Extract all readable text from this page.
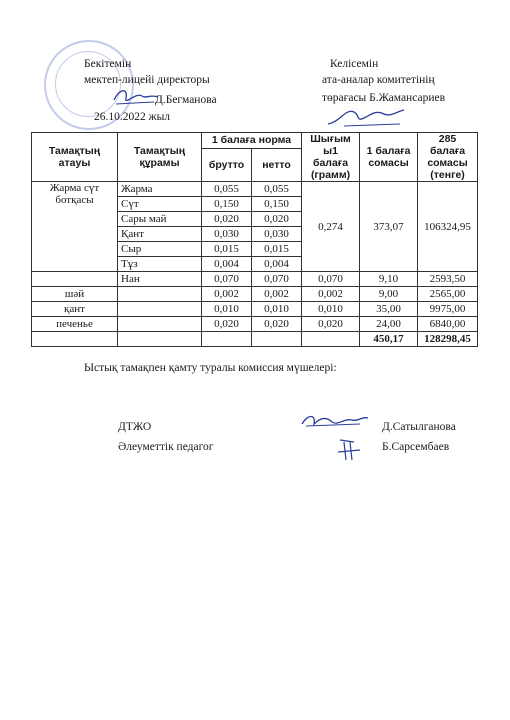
Бекітемін
мектеп-лицейі директоры
Д.Бегманова
26.10.2022 жыл
Келісемін
ата-аналар комитетінің
төрағасы Б.Жамансариев
Тамақтың атауы	Тамақтың құрамы	1 балаға норма		Шығым ы1 балаға (грамм)	1 балаға сомасы	285 балаға сомасы (тенге)
		брутто	нетто			
Жарма сүт ботқасы	Жарма	0,055	0,055	0,274	373,07	106324,95
	Сүт	0,150	0,150			
	Сары май	0,020	0,020			
	Қант	0,030	0,030			
	Сыр	0,015	0,015			
	Тұз	0,004	0,004			
	Нан	0,070	0,070	0,070	9,10	2593,50
шәй		0,002	0,002	0,002	9,00	2565,00
қант		0,010	0,010	0,010	35,00	9975,00
печенье		0,020	0,020	0,020	24,00	6840,00
					450,17	128298,45
Ыстық тамақпен қамту туралы комиссия мүшелері:
ДТЖО	Д.Сатылганова
Әлеуметтік педагог	Б.Сарсембаев
